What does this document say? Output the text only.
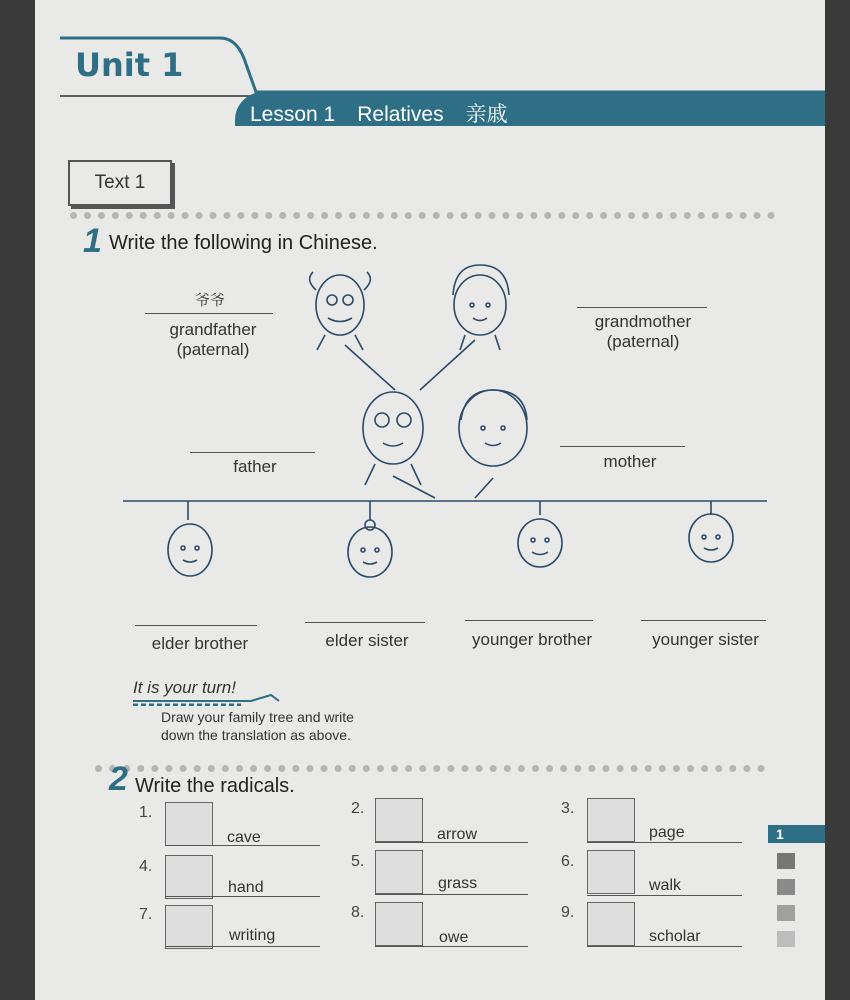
Unit 1
Lesson 1 Relatives 亲戚
Text 1
1 Write the following in Chinese.
爷爷
grandfather
(paternal)
grandmother
(paternal)
father	mother
elder brother	elder sister	younger brother	younger sister
It is your turn!
Draw your family tree and write
down the translation as above.
2 Write the radicals.
1.
cave
2.
arrow
3.
page
4.
hand
5.
grass
6.
walk
7.
writing
8.
owe
9.
scholar
1
